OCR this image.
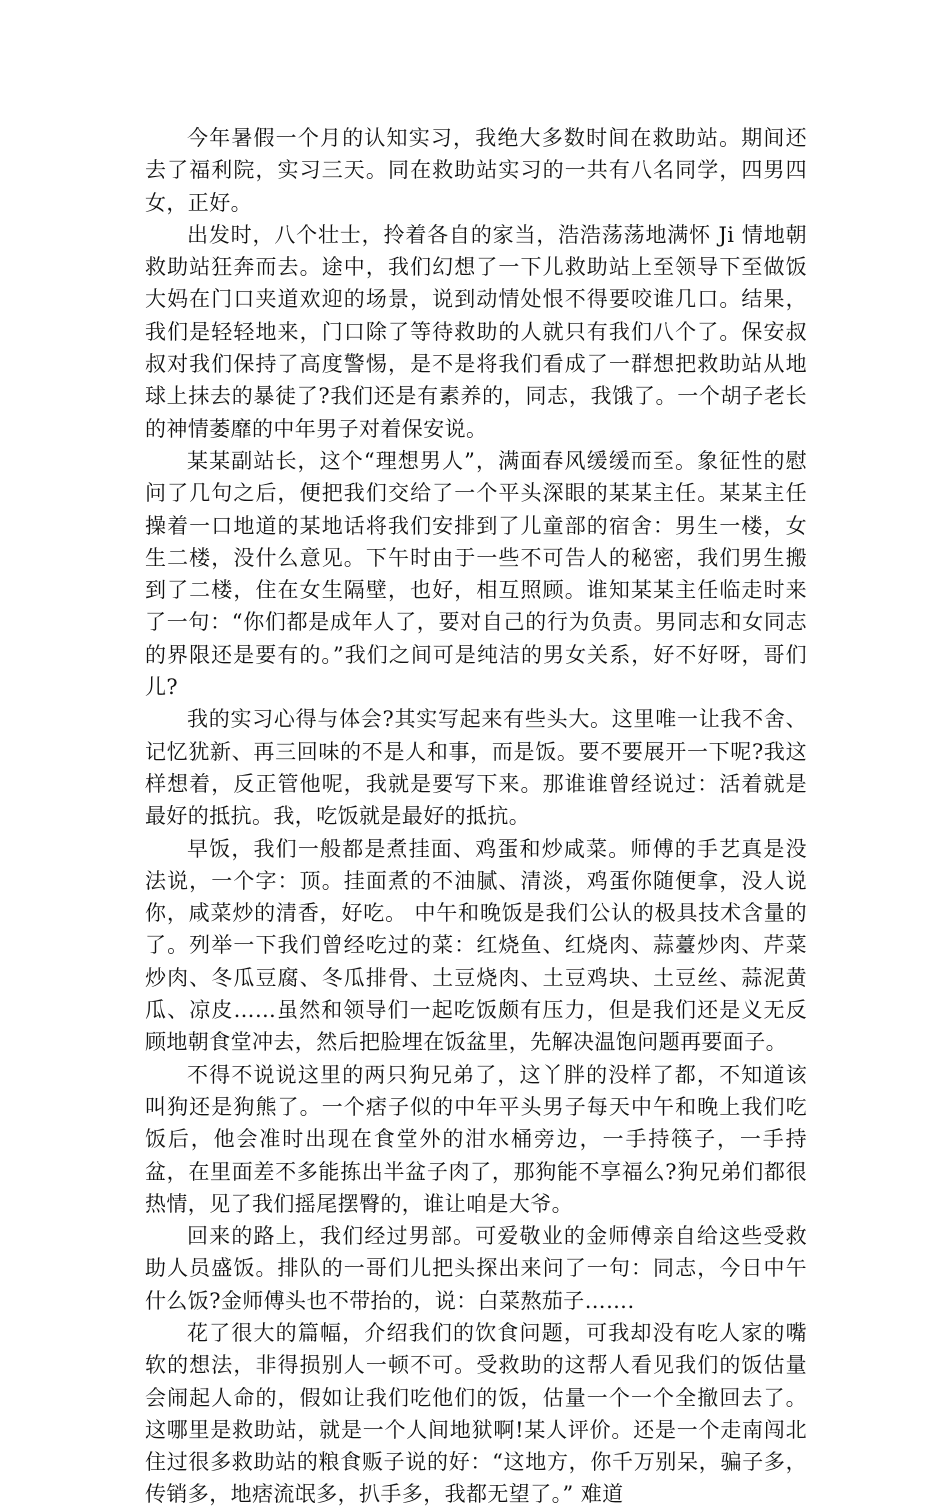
今年暑假一个月的认知实习，我绝大多数时间在救助站。期间还去了福利院，实习三天。同在救助站实习的一共有八名同学，四男四女，正好。

出发时，八个壮士，拎着各自的家当，浩浩荡荡地满怀 Ji 情地朝救助站狂奔而去。途中，我们幻想了一下儿救助站上至领导下至做饭大妈在门口夹道欢迎的场景，说到动情处恨不得要咬谁几口。结果，我们是轻轻地来，门口除了等待救助的人就只有我们八个了。保安叔叔对我们保持了高度警惕，是不是将我们看成了一群想把救助站从地球上抹去的暴徒了?我们还是有素养的，同志，我饿了。一个胡子老长的神情萎靡的中年男子对着保安说。

某某副站长，这个“理想男人”，满面春风缓缓而至。象征性的慰问了几句之后，便把我们交给了一个平头深眼的某某主任。某某主任操着一口地道的某地话将我们安排到了儿童部的宿舍：男生一楼，女生二楼，没什么意见。下午时由于一些不可告人的秘密，我们男生搬到了二楼，住在女生隔壁，也好，相互照顾。谁知某某主任临走时来了一句：“你们都是成年人了，要对自己的行为负责。男同志和女同志的界限还是要有的。”我们之间可是纯洁的男女关系，好不好呀，哥们儿?

我的实习心得与体会?其实写起来有些头大。这里唯一让我不舍、记忆犹新、再三回味的不是人和事，而是饭。要不要展开一下呢?我这样想着，反正管他呢，我就是要写下来。那谁谁曾经说过：活着就是最好的抵抗。我，吃饭就是最好的抵抗。

早饭，我们一般都是煮挂面、鸡蛋和炒咸菜。师傅的手艺真是没法说，一个字：顶。挂面煮的不油腻、清淡，鸡蛋你随便拿，没人说你，咸菜炒的清香，好吃。 中午和晚饭是我们公认的极具技术含量的了。列举一下我们曾经吃过的菜：红烧鱼、红烧肉、蒜薹炒肉、芹菜炒肉、冬瓜豆腐、冬瓜排骨、土豆烧肉、土豆鸡块、土豆丝、蒜泥黄瓜、凉皮……虽然和领导们一起吃饭颇有压力，但是我们还是义无反顾地朝食堂冲去，然后把脸埋在饭盆里，先解决温饱问题再要面子。

不得不说说这里的两只狗兄弟了，这丫胖的没样了都，不知道该叫狗还是狗熊了。一个痞子似的中年平头男子每天中午和晚上我们吃饭后，他会准时出现在食堂外的泔水桶旁边，一手持筷子，一手持盆，在里面差不多能拣出半盆子肉了，那狗能不享福么?狗兄弟们都很热情，见了我们摇尾摆臀的，谁让咱是大爷。

回来的路上，我们经过男部。可爱敬业的金师傅亲自给这些受救助人员盛饭。排队的一哥们儿把头探出来问了一句：同志，今日中午什么饭?金师傅头也不带抬的，说：白菜熬茄子…….

花了很大的篇幅，介绍我们的饮食问题，可我却没有吃人家的嘴软的想法，非得损别人一顿不可。受救助的这帮人看见我们的饭估量会闹起人命的，假如让我们吃他们的饭，估量一个一个全撤回去了。这哪里是救助站，就是一个人间地狱啊!某人评价。还是一个走南闯北住过很多救助站的粮食贩子说的好：“这地方，你千万别呆，骗子多，传销多，地痞流氓多，扒手多，我都无望了。” 难道
